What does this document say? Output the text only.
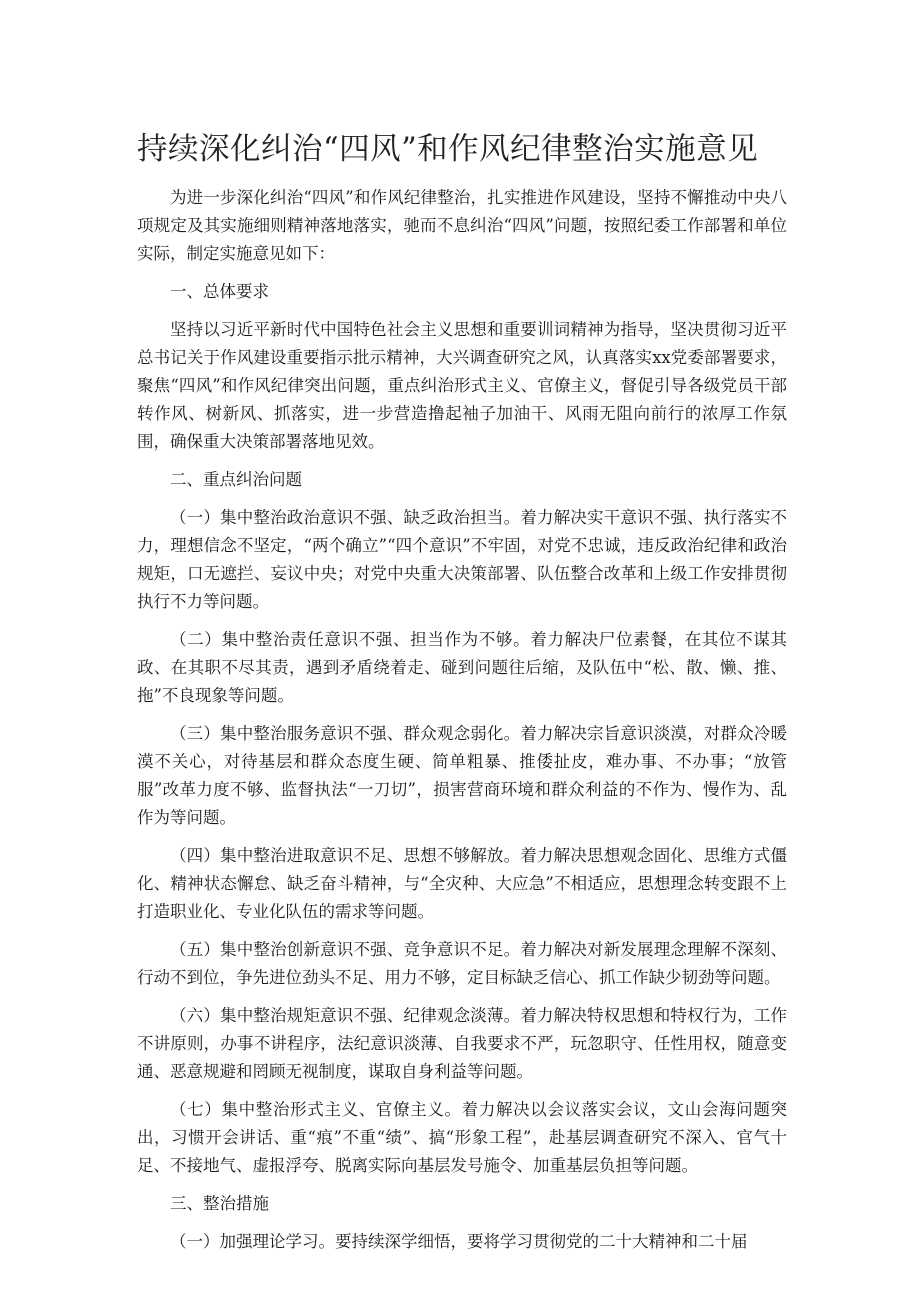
持续深化纠治“四风”和作风纪律整治实施意见

为进一步深化纠治“四风”和作风纪律整治，扎实推进作风建设，坚持不懈推动中央八项规定及其实施细则精神落地落实，驰而不息纠治“四风”问题，按照纪委工作部署和单位实际，制定实施意见如下：

一、总体要求

坚持以习近平新时代中国特色社会主义思想和重要训词精神为指导，坚决贯彻习近平总书记关于作风建设重要指示批示精神，大兴调查研究之风，认真落实xx党委部署要求，聚焦“四风”和作风纪律突出问题，重点纠治形式主义、官僚主义，督促引导各级党员干部转作风、树新风、抓落实，进一步营造撸起袖子加油干、风雨无阻向前行的浓厚工作氛围，确保重大决策部署落地见效。

二、重点纠治问题

（一）集中整治政治意识不强、缺乏政治担当。着力解决实干意识不强、执行落实不力，理想信念不坚定，“两个确立”“四个意识”不牢固，对党不忠诚，违反政治纪律和政治规矩，口无遮拦、妄议中央；对党中央重大决策部署、队伍整合改革和上级工作安排贯彻执行不力等问题。

（二）集中整治责任意识不强、担当作为不够。着力解决尸位素餐，在其位不谋其政、在其职不尽其责，遇到矛盾绕着走、碰到问题往后缩，及队伍中“松、散、懒、推、拖”不良现象等问题。

（三）集中整治服务意识不强、群众观念弱化。着力解决宗旨意识淡漠，对群众冷暖漠不关心，对待基层和群众态度生硬、简单粗暴、推倭扯皮，难办事、不办事；“放管服”改革力度不够、监督执法“一刀切”，损害营商环境和群众利益的不作为、慢作为、乱作为等问题。

（四）集中整治进取意识不足、思想不够解放。着力解决思想观念固化、思维方式僵化、精神状态懈怠、缺乏奋斗精神，与“全灾种、大应急”不相适应，思想理念转变跟不上打造职业化、专业化队伍的需求等问题。

（五）集中整治创新意识不强、竞争意识不足。着力解决对新发展理念理解不深刻、行动不到位，争先进位劲头不足、用力不够，定目标缺乏信心、抓工作缺少韧劲等问题。

（六）集中整治规矩意识不强、纪律观念淡薄。着力解决特权思想和特权行为，工作不讲原则，办事不讲程序，法纪意识淡薄、自我要求不严，玩忽职守、任性用权，随意变通、恶意规避和罔顾无视制度，谋取自身利益等问题。

（七）集中整治形式主义、官僚主义。着力解决以会议落实会议，文山会海问题突出，习惯开会讲话、重“痕”不重“绩”、搞“形象工程”，赴基层调查研究不深入、官气十足、不接地气、虚报浮夸、脱离实际向基层发号施令、加重基层负担等问题。

三、整治措施

（一）加强理论学习。要持续深学细悟，要将学习贯彻党的二十大精神和二十届
